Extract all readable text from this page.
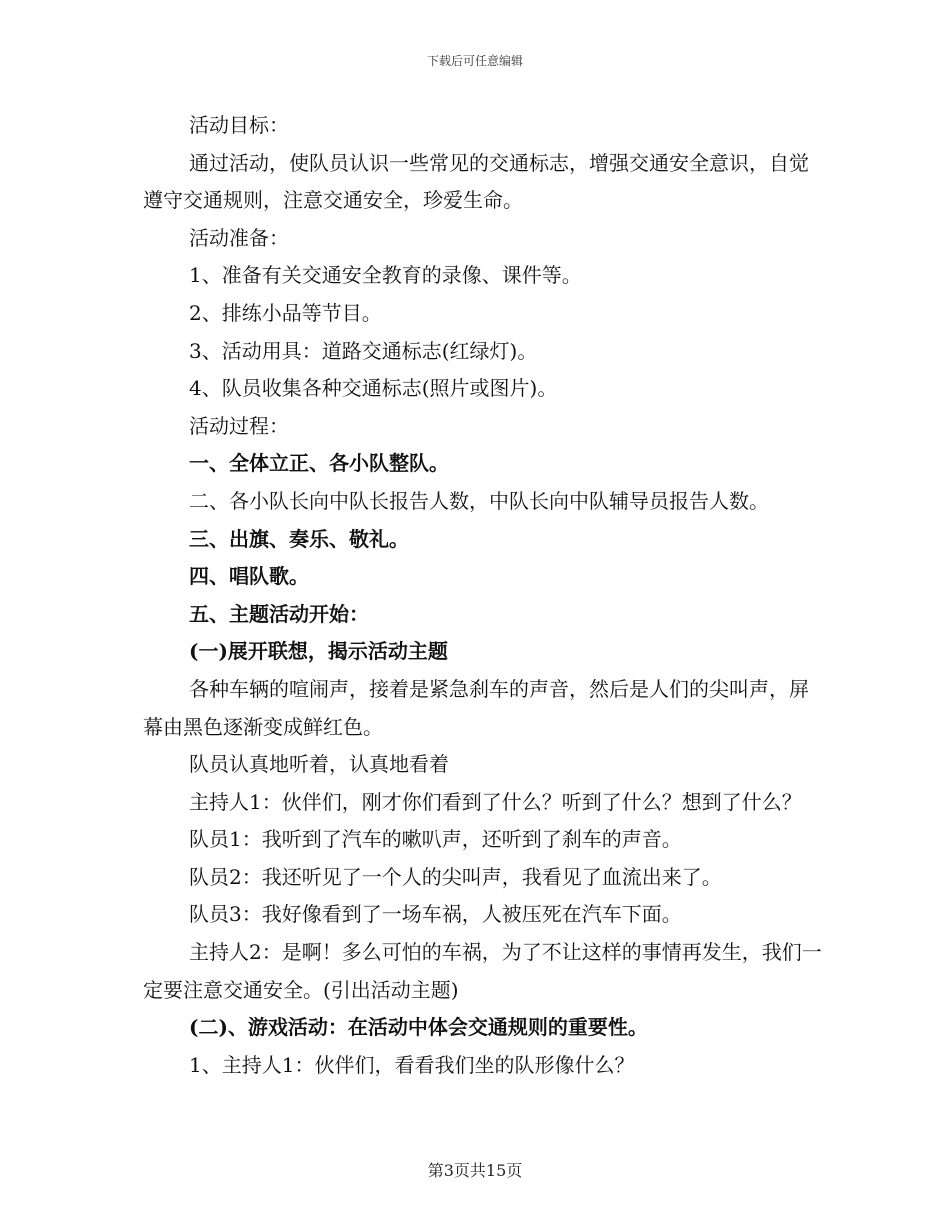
下载后可任意编辑

活动目标：

通过活动，使队员认识一些常见的交通标志，增强交通安全意识，自觉遵守交通规则，注意交通安全，珍爱生命。

活动准备：

1、准备有关交通安全教育的录像、课件等。

2、排练小品等节目。

3、活动用具：道路交通标志(红绿灯)。

4、队员收集各种交通标志(照片或图片)。

活动过程：

一、全体立正、各小队整队。

二、各小队长向中队长报告人数，中队长向中队辅导员报告人数。

三、出旗、奏乐、敬礼。

四、唱队歌。

五、主题活动开始：

(一)展开联想，揭示活动主题

各种车辆的喧闹声，接着是紧急刹车的声音，然后是人们的尖叫声，屏幕由黑色逐渐变成鲜红色。

队员认真地听着，认真地看着

主持人1：伙伴们，刚才你们看到了什么？听到了什么？想到了什么？

队员1：我听到了汽车的嗽叭声，还听到了刹车的声音。

队员2：我还听见了一个人的尖叫声，我看见了血流出来了。

队员3：我好像看到了一场车祸，人被压死在汽车下面。

主持人2：是啊！多么可怕的车祸，为了不让这样的事情再发生，我们一定要注意交通安全。(引出活动主题)

(二)、游戏活动：在活动中体会交通规则的重要性。

1、主持人1：伙伴们，看看我们坐的队形像什么？

第3页共15页
